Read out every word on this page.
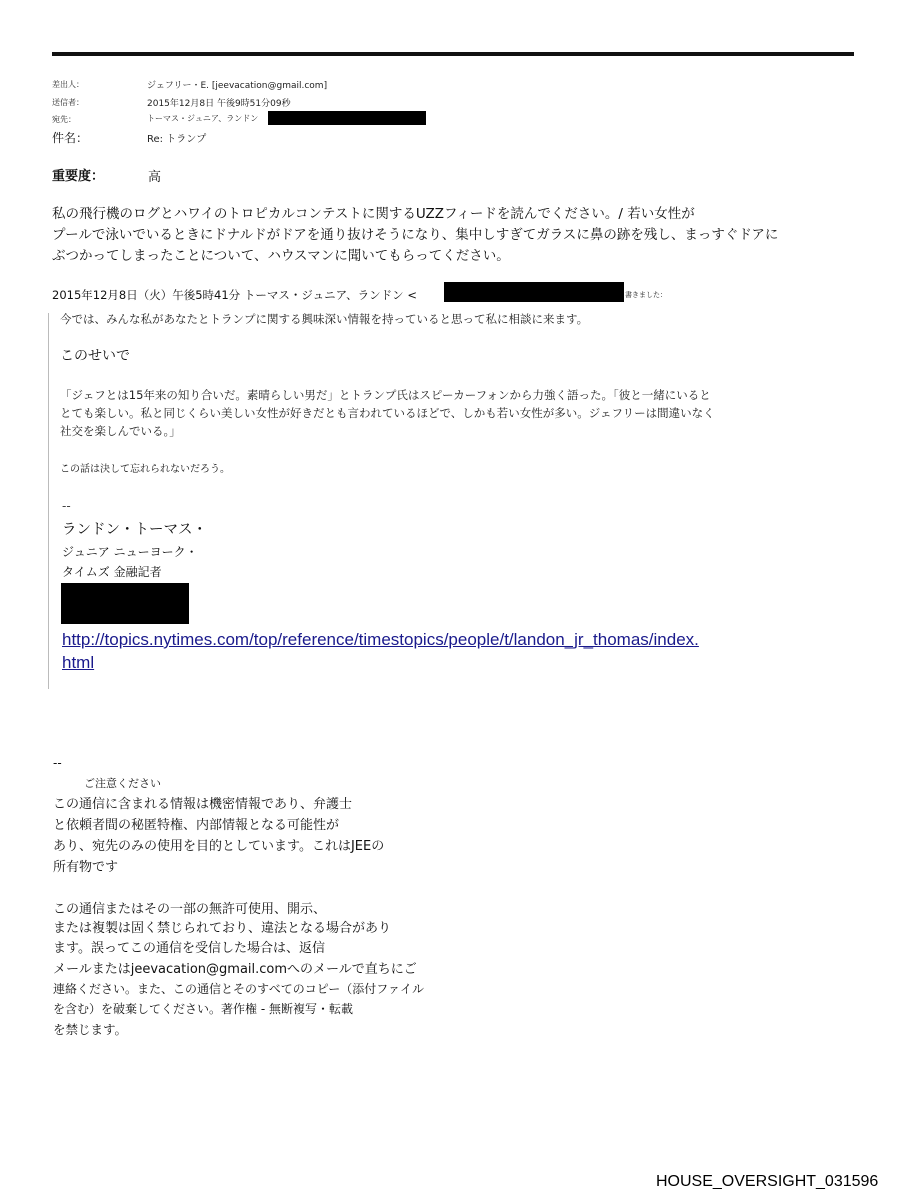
差出人：	ジェフリー・E. [jeevacation@gmail.com]
送信者：	2015年12月8日 午後9時51分09秒
宛先：	トーマス・ジュニア、ランドン
件名：	Re: トランプ
重要度：	高
私の飛行機のログとハワイのトロピカルコンテストに関するUZZフィードを読んでください。/ 若い女性が
プールで泳いでいるときにドナルドがドアを通り抜けそうになり、集中しすぎてガラスに鼻の跡を残し、まっすぐドアに
ぶつかってしまったことについて、ハウスマンに聞いてもらってください。
2015年12月8日（火）午後5時41分 トーマス・ジュニア、ランドン <	書きました：
今では、みんな私があなたとトランプに関する興味深い情報を持っていると思って私に相談に来ます。
このせいで
「ジェフとは15年来の知り合いだ。素晴らしい男だ」とトランプ氏はスピーカーフォンから力強く語った。「彼と一緒にいると
とても楽しい。私と同じくらい美しい女性が好きだとも言われているほどで、しかも若い女性が多い。ジェフリーは間違いなく
社交を楽しんでいる。」
この話は決して忘れられないだろう。
--
ランドン・トーマス・
ジュニア ニューヨーク・
タイムズ 金融記者
http://topics.nytimes.com/top/reference/timestopics/people/t/landon_jr_thomas/index.
html
--
ご注意ください
この通信に含まれる情報は機密情報であり、弁護士
と依頼者間の秘匿特権、内部情報となる可能性が
あり、宛先のみの使用を目的としています。これはJEEの
所有物です
この通信またはその一部の無許可使用、開示、
または複製は固く禁じられており、違法となる場合があり
ます。誤ってこの通信を受信した場合は、返信
メールまたはjeevacation@gmail.comへのメールで直ちにご
連絡ください。また、この通信とそのすべてのコピー（添付ファイル
を含む）を破棄してください。著作権 - 無断複写・転載
を禁じます。
HOUSE_OVERSIGHT_031596
